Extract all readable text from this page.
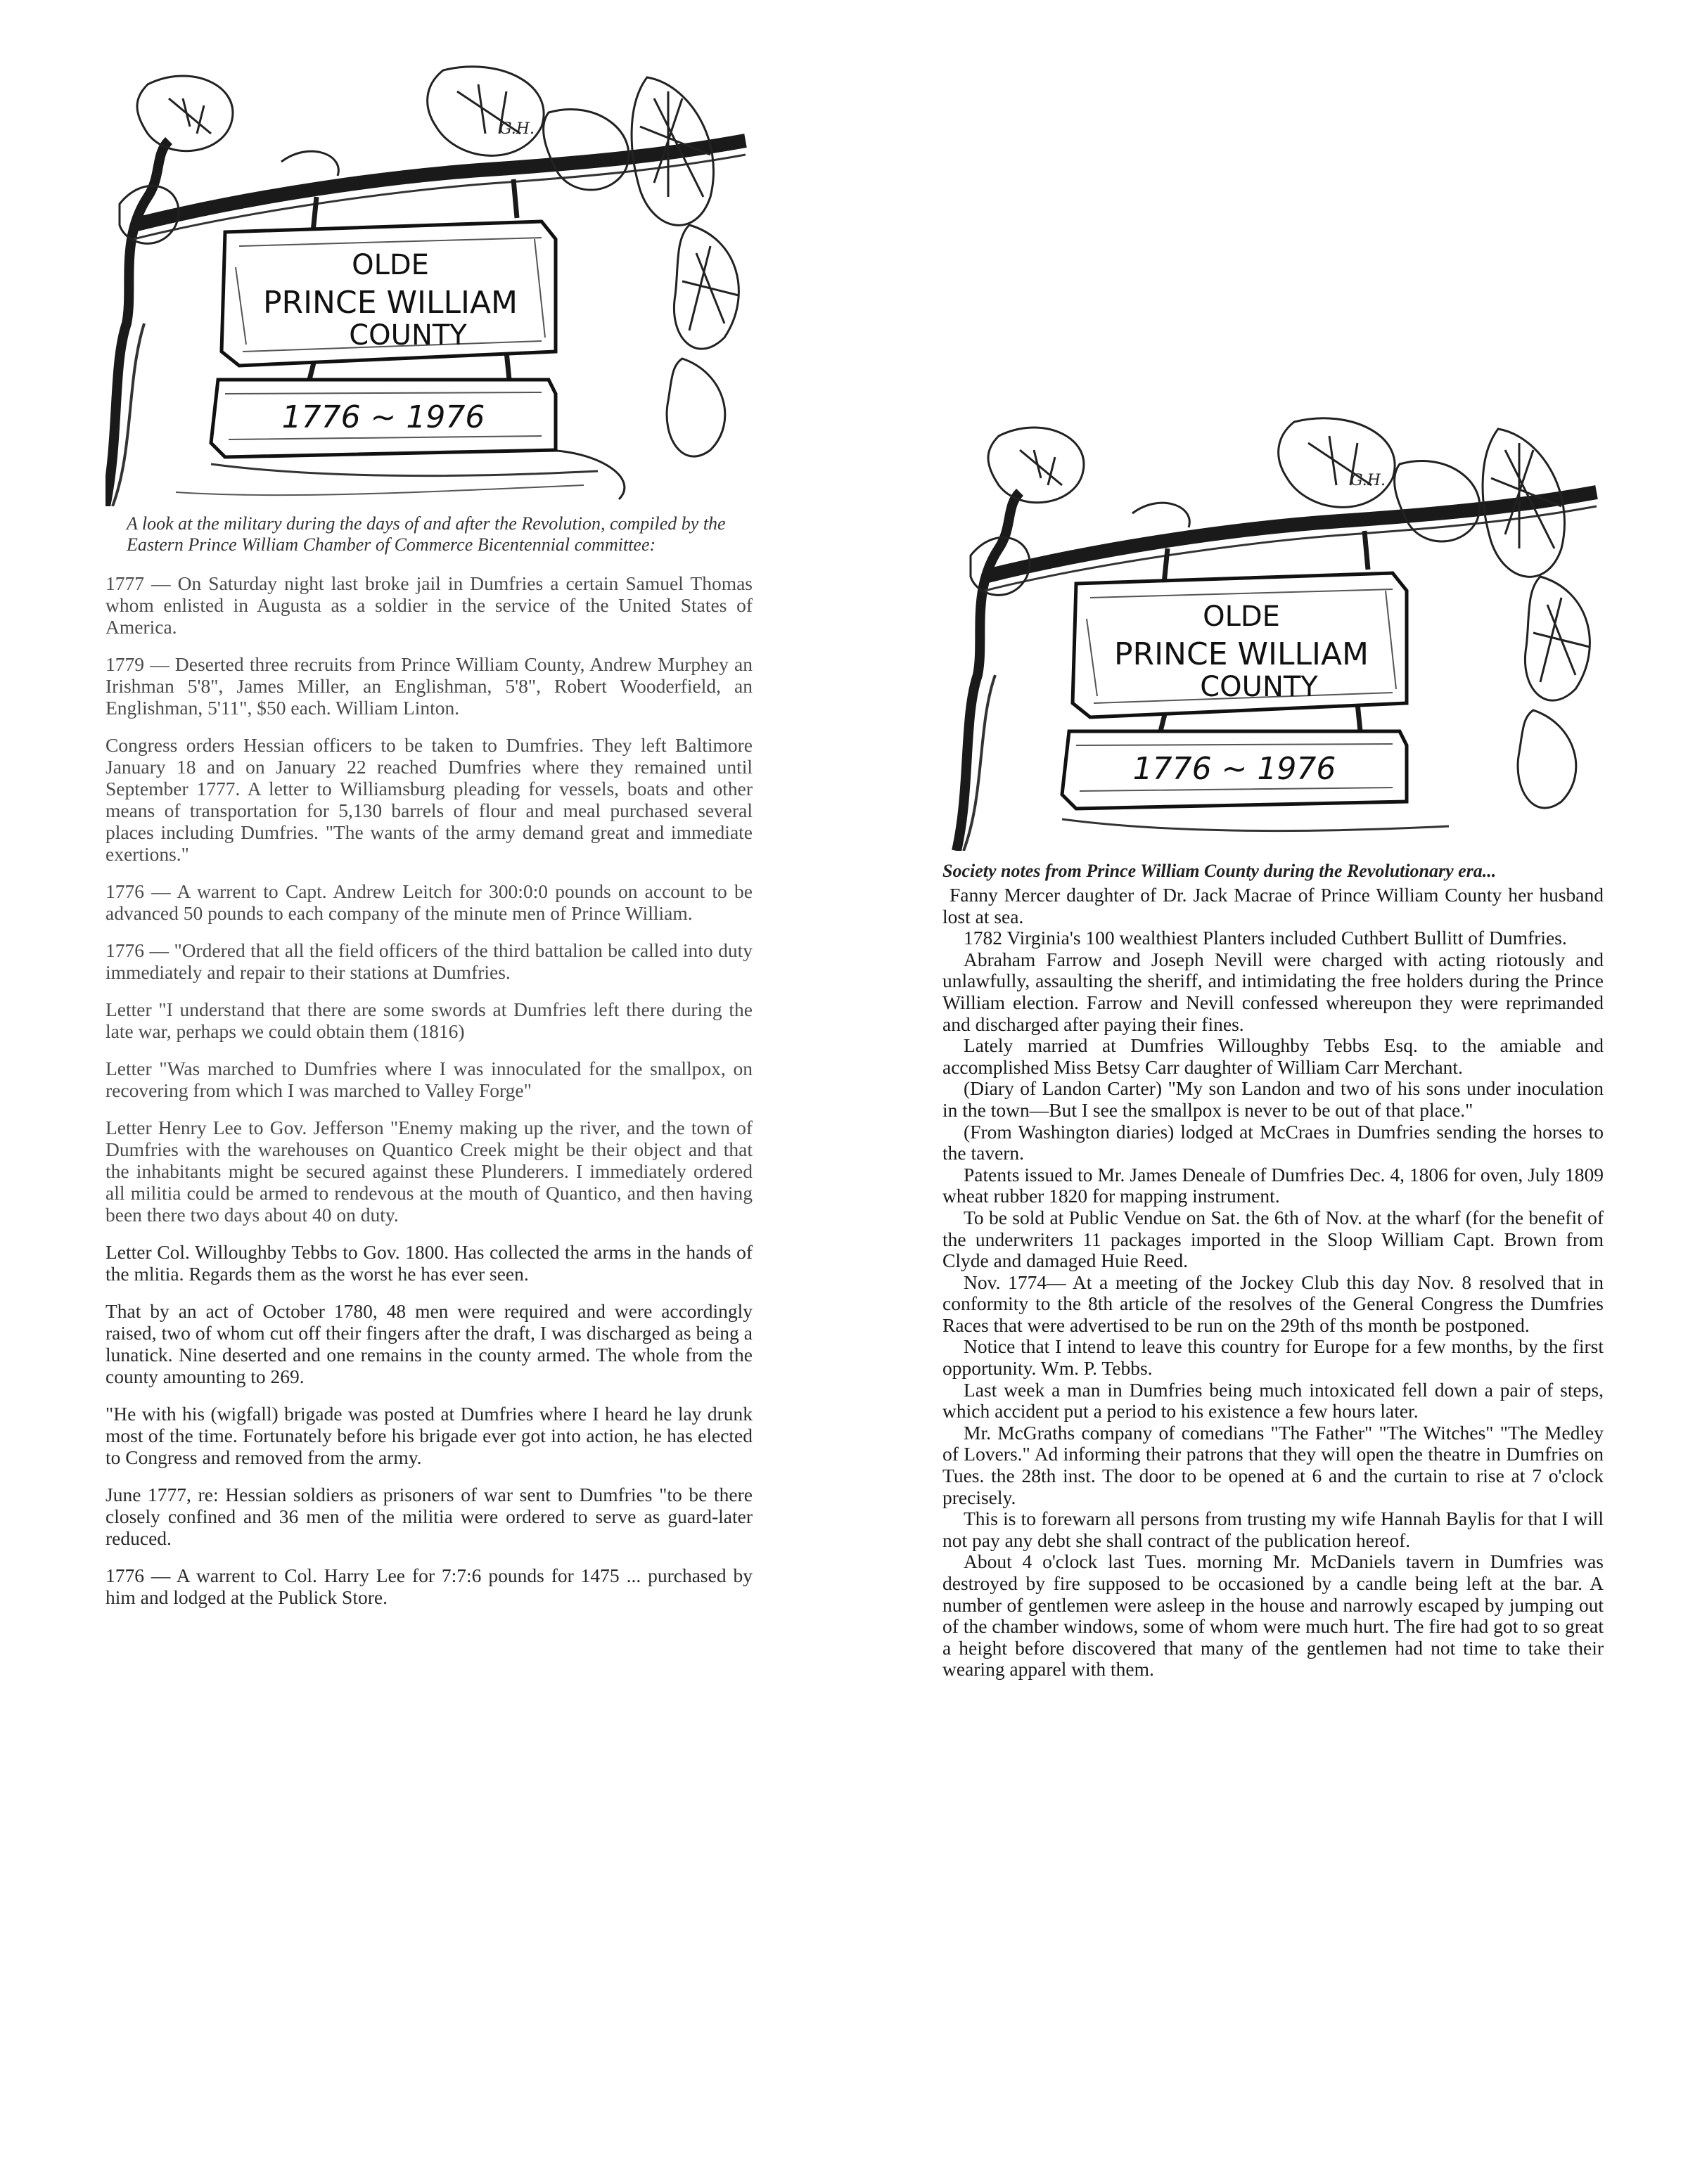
G.H.
OLDE
PRINCE WILLIAM
COUNTY
1776 ~ 1976
A look at the military during the days of and after the Revolution, compiled by the Eastern Prince William Chamber of Commerce Bicentennial committee:

1777 — On Saturday night last broke jail in Dumfries a certain Samuel Thomas whom enlisted in Augusta as a soldier in the service of the United States of America.

1779 — Deserted three recruits from Prince William County, Andrew Murphey an Irishman 5'8", James Miller, an Englishman, 5'8", Robert Wooderfield, an Englishman, 5'11", $50 each. William Linton.

Congress orders Hessian officers to be taken to Dumfries. They left Baltimore January 18 and on January 22 reached Dumfries where they remained until September 1777. A letter to Williamsburg pleading for vessels, boats and other means of transportation for 5,130 barrels of flour and meal purchased several places including Dumfries. "The wants of the army demand great and immediate exertions."

1776 — A warrent to Capt. Andrew Leitch for 300:0:0 pounds on account to be advanced 50 pounds to each company of the minute men of Prince William.

1776 — "Ordered that all the field officers of the third battalion be called into duty immediately and repair to their stations at Dumfries.

Letter "I understand that there are some swords at Dumfries left there during the late war, perhaps we could obtain them (1816)

Letter "Was marched to Dumfries where I was innoculated for the smallpox, on recovering from which I was marched to Valley Forge"

Letter Henry Lee to Gov. Jefferson "Enemy making up the river, and the town of Dumfries with the warehouses on Quantico Creek might be their object and that the inhabitants might be secured against these Plunderers. I immediately ordered all militia could be armed to rendevous at the mouth of Quantico, and then having been there two days about 40 on duty.

Letter Col. Willoughby Tebbs to Gov. 1800. Has collected the arms in the hands of the mlitia. Regards them as the worst he has ever seen.

That by an act of October 1780, 48 men were required and were accordingly raised, two of whom cut off their fingers after the draft, I was discharged as being a lunatick. Nine deserted and one remains in the county armed. The whole from the county amounting to 269.

"He with his (wigfall) brigade was posted at Dumfries where I heard he lay drunk most of the time. Fortunately before his brigade ever got into action, he has elected to Congress and removed from the army.

June 1777, re: Hessian soldiers as prisoners of war sent to Dumfries "to be there closely confined and 36 men of the militia were ordered to serve as guard-later reduced.

1776 — A warrent to Col. Harry Lee for 7:7:6 pounds for 1475 ... purchased by him and lodged at the Publick Store.

G.H.
OLDE
PRINCE WILLIAM
COUNTY
1776 ~ 1976
Society notes from Prince William County during the Revolutionary era...

Fanny Mercer daughter of Dr. Jack Macrae of Prince William County her husband lost at sea.

1782 Virginia's 100 wealthiest Planters included Cuthbert Bullitt of Dumfries.

Abraham Farrow and Joseph Nevill were charged with acting riotously and unlawfully, assaulting the sheriff, and intimidating the free holders during the Prince William election. Farrow and Nevill confessed whereupon they were reprimanded and discharged after paying their fines.

Lately married at Dumfries Willoughby Tebbs Esq. to the amiable and accomplished Miss Betsy Carr daughter of William Carr Merchant.

(Diary of Landon Carter) "My son Landon and two of his sons under inoculation in the town—But I see the smallpox is never to be out of that place."

(From Washington diaries) lodged at McCraes in Dumfries sending the horses to the tavern.

Patents issued to Mr. James Deneale of Dumfries Dec. 4, 1806 for oven, July 1809 wheat rubber 1820 for mapping instrument.

To be sold at Public Vendue on Sat. the 6th of Nov. at the wharf (for the benefit of the underwriters 11 packages imported in the Sloop William Capt. Brown from Clyde and damaged Huie Reed.

Nov. 1774— At a meeting of the Jockey Club this day Nov. 8 resolved that in conformity to the 8th article of the resolves of the General Congress the Dumfries Races that were advertised to be run on the 29th of ths month be postponed.

Notice that I intend to leave this country for Europe for a few months, by the first opportunity. Wm. P. Tebbs.

Last week a man in Dumfries being much intoxicated fell down a pair of steps, which accident put a period to his existence a few hours later.

Mr. McGraths company of comedians "The Father" "The Witches" "The Medley of Lovers." Ad informing their patrons that they will open the theatre in Dumfries on Tues. the 28th inst. The door to be opened at 6 and the curtain to rise at 7 o'clock precisely.

This is to forewarn all persons from trusting my wife Hannah Baylis for that I will not pay any debt she shall contract of the publication hereof.

About 4 o'clock last Tues. morning Mr. McDaniels tavern in Dumfries was destroyed by fire supposed to be occasioned by a candle being left at the bar. A number of gentlemen were asleep in the house and narrowly escaped by jumping out of the chamber windows, some of whom were much hurt. The fire had got to so great a height before discovered that many of the gentlemen had not time to take their wearing apparel with them.
